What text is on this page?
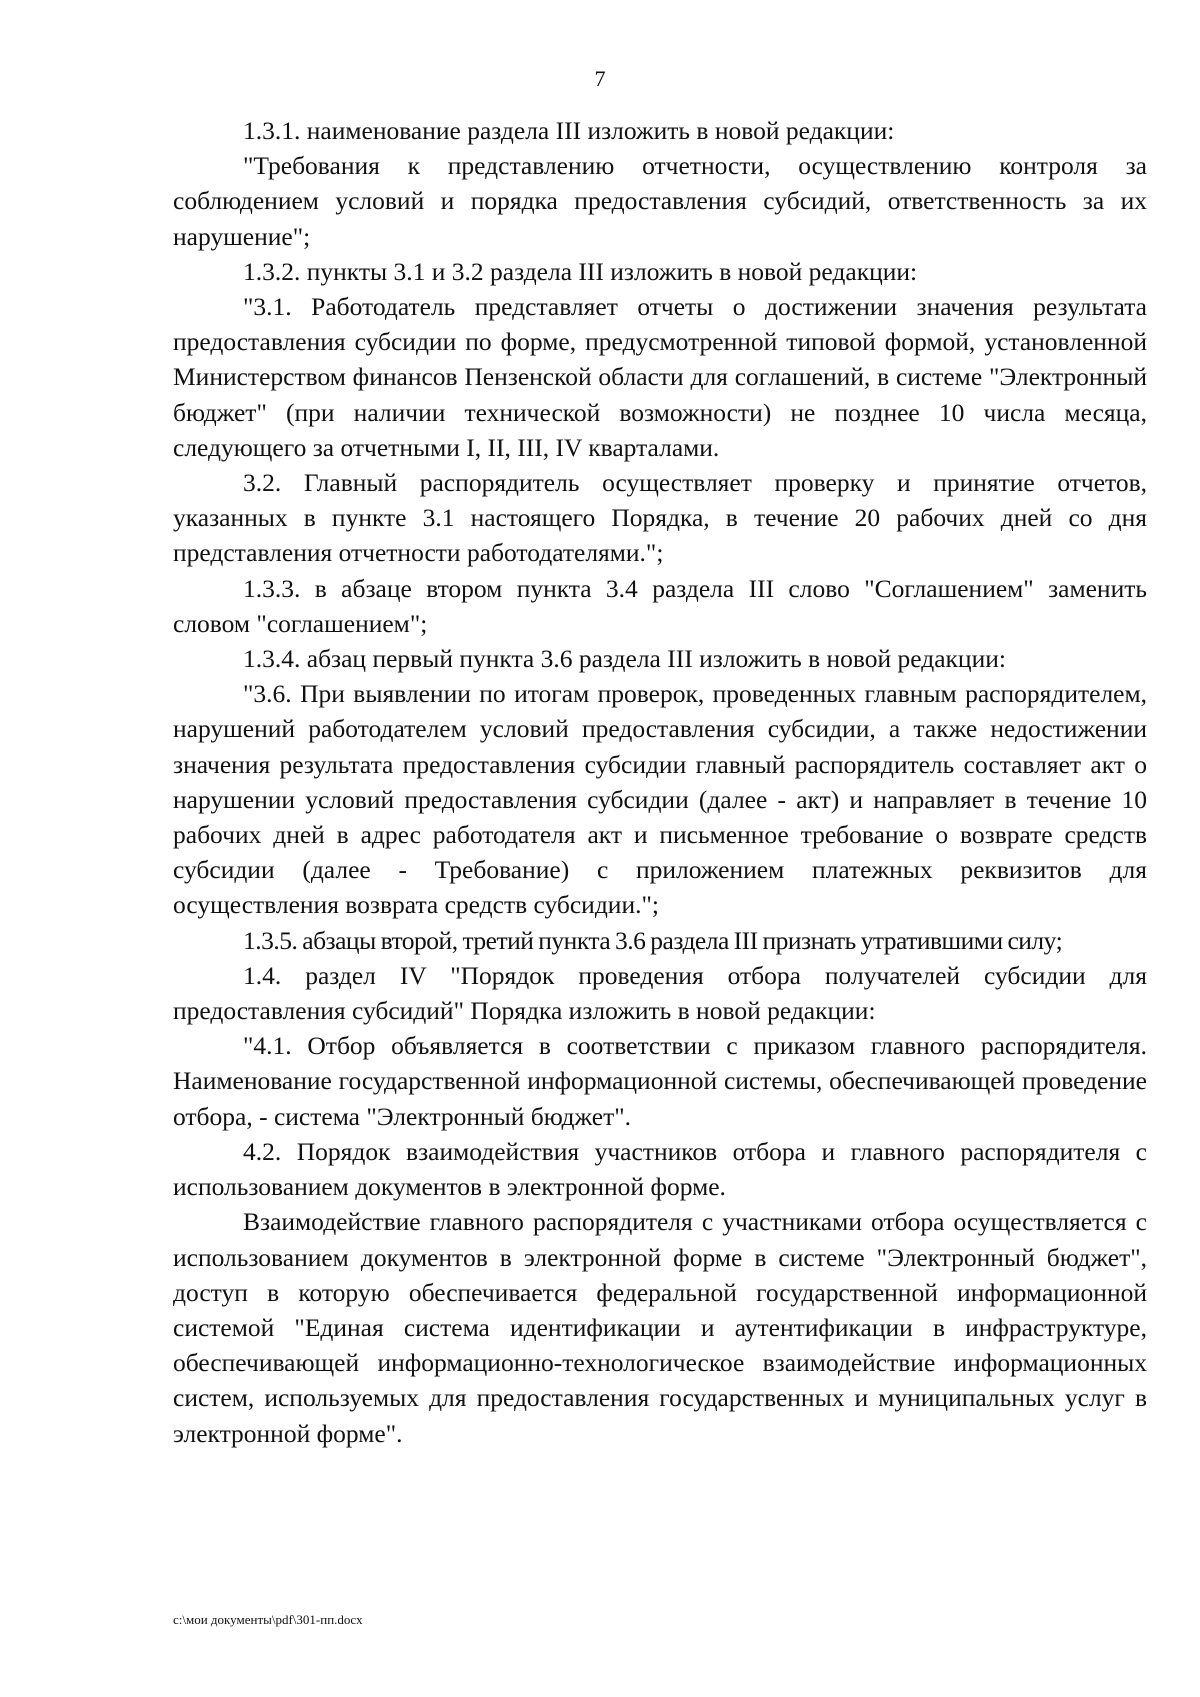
7

1.3.1. наименование раздела III изложить в новой редакции:

"Требования к представлению отчетности, осуществлению контроля за соблюдением условий и порядка предоставления субсидий, ответственность за их нарушение";

1.3.2. пункты 3.1 и 3.2 раздела III изложить в новой редакции:

"3.1. Работодатель представляет отчеты о достижении значения результата предоставления субсидии по форме, предусмотренной типовой формой, установленной Министерством финансов Пензенской области для соглашений, в системе "Электронный бюджет" (при наличии технической возможности) не позднее 10 числа месяца, следующего за отчетными I, II, III, IV кварталами.

3.2. Главный распорядитель осуществляет проверку и принятие отчетов, указанных в пункте 3.1 настоящего Порядка, в течение 20 рабочих дней со дня представления отчетности работодателями.";

1.3.3. в абзаце втором пункта 3.4 раздела III слово "Соглашением" заменить словом "соглашением";

1.3.4. абзац первый пункта 3.6 раздела III изложить в новой редакции:

"3.6. При выявлении по итогам проверок, проведенных главным распорядителем, нарушений работодателем условий предоставления субсидии, а также недостижении значения результата предоставления субсидии главный распорядитель составляет акт о нарушении условий предоставления субсидии (далее - акт) и направляет в течение 10 рабочих дней в адрес работодателя акт и письменное требование о возврате средств субсидии (далее - Требование) с приложением платежных реквизитов для осуществления возврата средств субсидии.";

1.3.5. абзацы второй, третий пункта 3.6 раздела III признать утратившими силу;

1.4. раздел IV "Порядок проведения отбора получателей субсидии для предоставления субсидий" Порядка изложить в новой редакции:

"4.1. Отбор объявляется в соответствии с приказом главного распорядителя. Наименование государственной информационной системы, обеспечивающей проведение отбора, - система "Электронный бюджет".

4.2. Порядок взаимодействия участников отбора и главного распорядителя с использованием документов в электронной форме.

Взаимодействие главного распорядителя с участниками отбора осуществляется с использованием документов в электронной форме в системе "Электронный бюджет", доступ в которую обеспечивается федеральной государственной информационной системой "Единая система идентификации и аутентификации в инфраструктуре, обеспечивающей информационно-технологическое взаимодействие информационных систем, используемых для предоставления государственных и муниципальных услуг в электронной форме".

c:\мои документы\pdf\301-пп.docx
